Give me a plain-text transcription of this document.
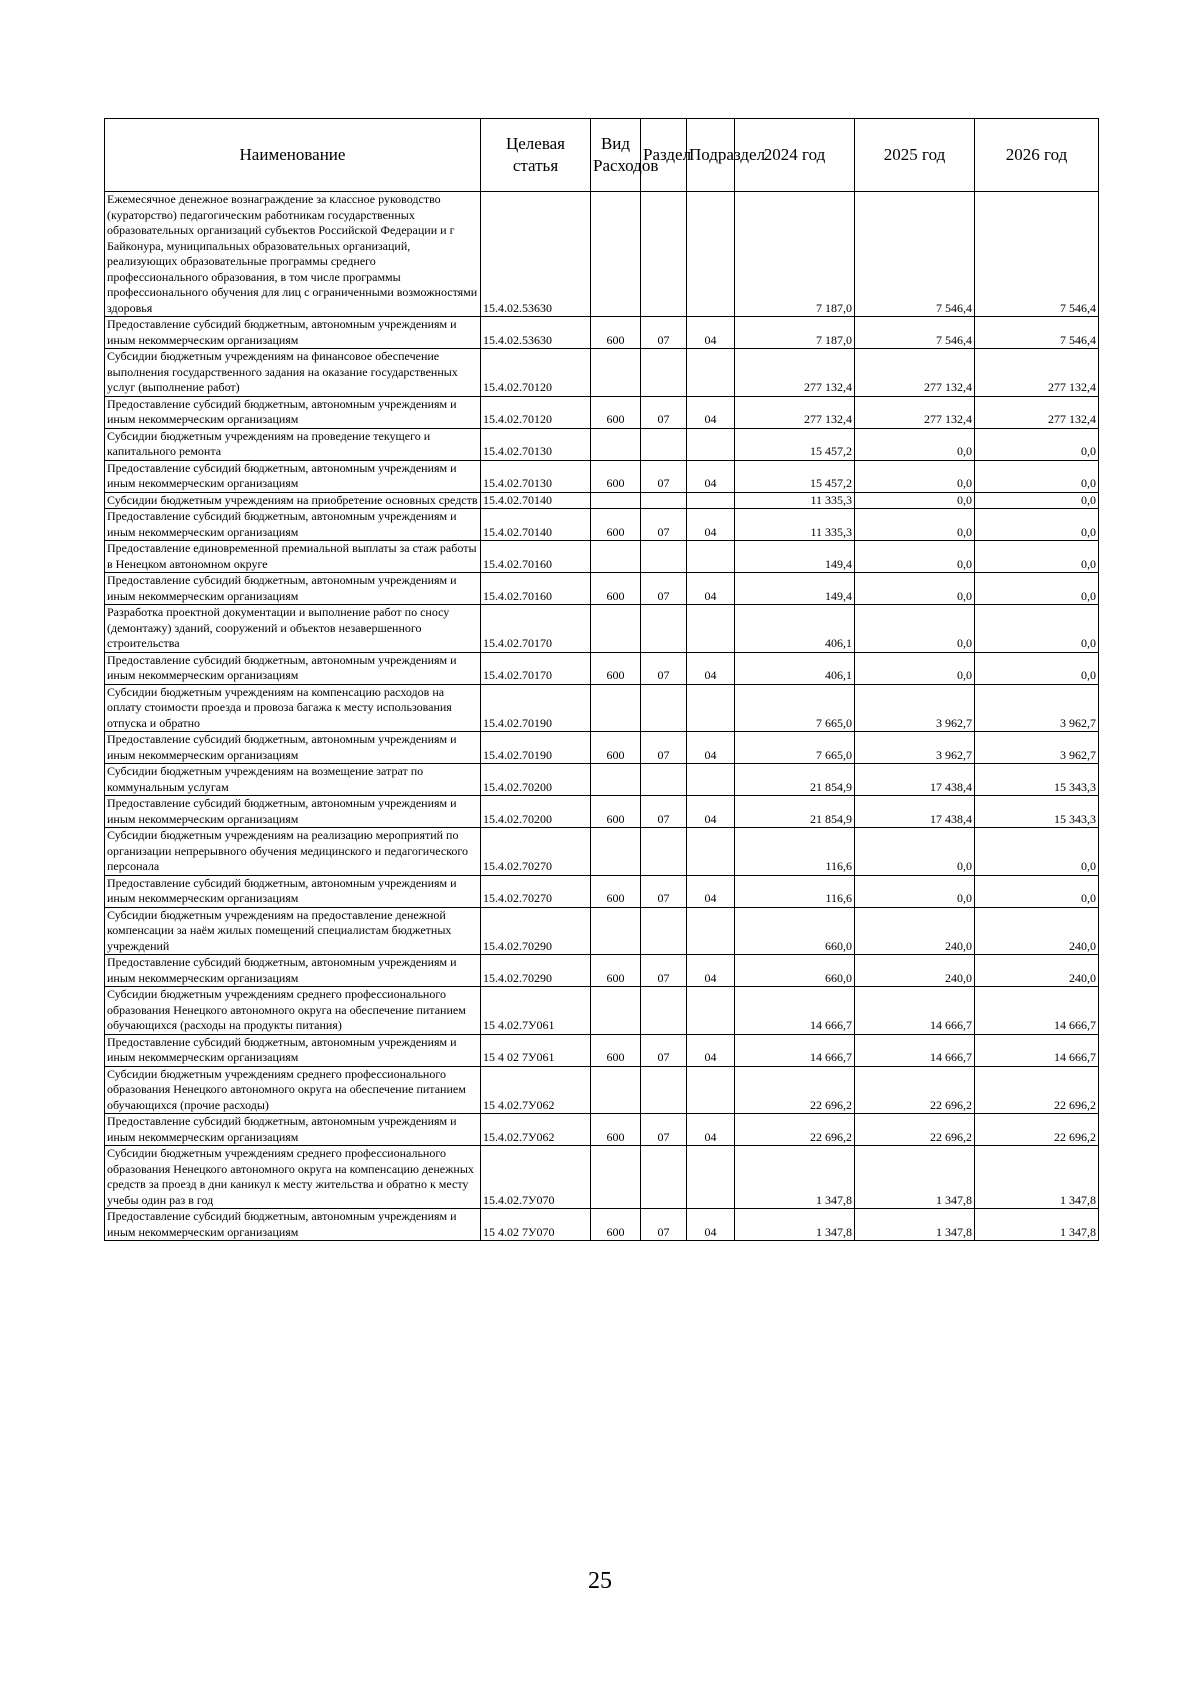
Наименование	Целевая статья	Вид Расходов	Раздел	Подраздел	2024 год	2025 год	2026 год
Ежемесячное денежное вознаграждение за классное руководство (кураторство) педагогическим работникам государственных образовательных организаций субъектов Российской Федерации и г Байконура, муниципальных образовательных организаций, реализующих образовательные программы среднего профессионального образования, в том числе программы профессионального обучения для лиц с ограниченными возможностями здоровья	15.4.02.53630				7 187,0	7 546,4	7 546,4
Предоставление субсидий бюджетным, автономным учреждениям и иным некоммерческим организациям	15.4.02.53630	600	07	04	7 187,0	7 546,4	7 546,4
Субсидии бюджетным учреждениям на финансовое обеспечение выполнения государственного задания на оказание государственных услуг (выполнение работ)	15.4.02.70120				277 132,4	277 132,4	277 132,4
Предоставление субсидий бюджетным, автономным учреждениям и иным некоммерческим организациям	15.4.02.70120	600	07	04	277 132,4	277 132,4	277 132,4
Субсидии бюджетным учреждениям на проведение текущего и капитального ремонта	15.4.02.70130				15 457,2	0,0	0,0
Предоставление субсидий бюджетным, автономным учреждениям и иным некоммерческим организациям	15.4.02.70130	600	07	04	15 457,2	0,0	0,0
Субсидии бюджетным учреждениям на приобретение основных средств	15.4.02.70140				11 335,3	0,0	0,0
Предоставление субсидий бюджетным, автономным учреждениям и иным некоммерческим организациям	15.4.02.70140	600	07	04	11 335,3	0,0	0,0
Предоставление единовременной премиальной выплаты за стаж работы в Ненецком автономном округе	15.4.02.70160				149,4	0,0	0,0
Предоставление субсидий бюджетным, автономным учреждениям и иным некоммерческим организациям	15.4.02.70160	600	07	04	149,4	0,0	0,0
Разработка проектной документации и выполнение работ по сносу (демонтажу) зданий, сооружений и объектов незавершенного строительства	15.4.02.70170				406,1	0,0	0,0
Предоставление субсидий бюджетным, автономным учреждениям и иным некоммерческим организациям	15.4.02.70170	600	07	04	406,1	0,0	0,0
Субсидии бюджетным учреждениям на компенсацию расходов на оплату стоимости проезда и провоза багажа к месту использования отпуска и обратно	15.4.02.70190				7 665,0	3 962,7	3 962,7
Предоставление субсидий бюджетным, автономным учреждениям и иным некоммерческим организациям	15.4.02.70190	600	07	04	7 665,0	3 962,7	3 962,7
Субсидии бюджетным учреждениям на возмещение затрат по коммунальным услугам	15.4.02.70200				21 854,9	17 438,4	15 343,3
Предоставление субсидий бюджетным, автономным учреждениям и иным некоммерческим организациям	15.4.02.70200	600	07	04	21 854,9	17 438,4	15 343,3
Субсидии бюджетным учреждениям на реализацию мероприятий по организации непрерывного обучения медицинского и педагогического персонала	15.4.02.70270				116,6	0,0	0,0
Предоставление субсидий бюджетным, автономным учреждениям и иным некоммерческим организациям	15.4.02.70270	600	07	04	116,6	0,0	0,0
Субсидии бюджетным учреждениям на предоставление денежной компенсации за наём жилых помещений специалистам бюджетных учреждений	15.4.02.70290				660,0	240,0	240,0
Предоставление субсидий бюджетным, автономным учреждениям и иным некоммерческим организациям	15.4.02.70290	600	07	04	660,0	240,0	240,0
Субсидии бюджетным учреждениям среднего профессионального образования Ненецкого автономного округа на обеспечение питанием обучающихся (расходы на продукты питания)	15 4.02.7У061				14 666,7	14 666,7	14 666,7
Предоставление субсидий бюджетным, автономным учреждениям и иным некоммерческим организациям	15 4 02 7У061	600	07	04	14 666,7	14 666,7	14 666,7
Субсидии бюджетным учреждениям среднего профессионального образования Ненецкого автономного округа на обеспечение питанием обучающихся (прочие расходы)	15 4.02.7У062				22 696,2	22 696,2	22 696,2
Предоставление субсидий бюджетным, автономным учреждениям и иным некоммерческим организациям	15.4.02.7У062	600	07	04	22 696,2	22 696,2	22 696,2
Субсидии бюджетным учреждениям среднего профессионального образования Ненецкого автономного округа на компенсацию денежных средств за проезд в дни каникул к месту жительства и обратно к месту учебы один раз в год	15.4.02.7У070				1 347,8	1 347,8	1 347,8
Предоставление субсидий бюджетным, автономным учреждениям и иным некоммерческим организациям	15 4.02 7У070	600	07	04	1 347,8	1 347,8	1 347,8
25
